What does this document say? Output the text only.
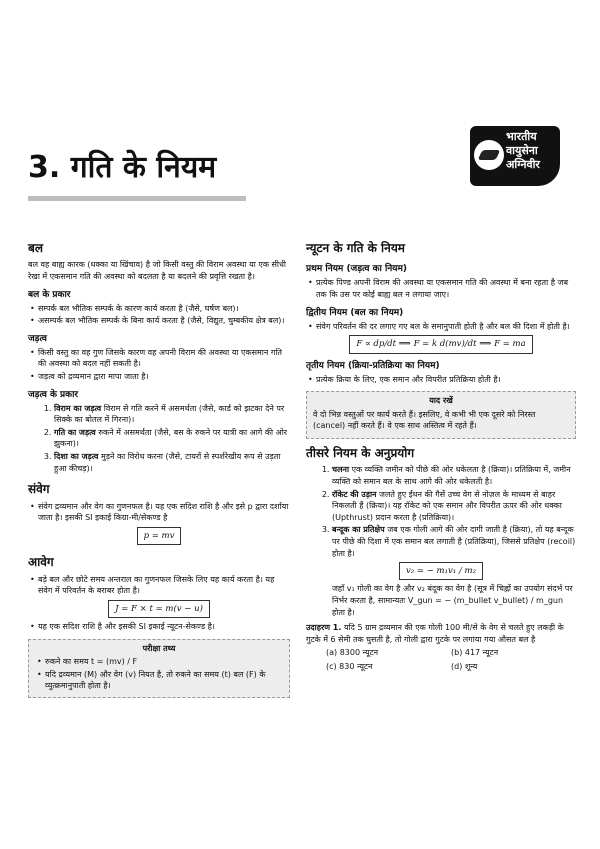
3. गति के नियम
भारतीय
वायुसेना
अग्निवीर
बल

बल वह बाह्य कारक (धक्का या खिंचाव) है जो किसी वस्तु की विराम अवस्था या एक सीधी रेखा में एकसमान गति की अवस्था को बदलता है या बदलने की प्रवृत्ति रखता है।

बल के प्रकार
• सम्पर्क बल भौतिक सम्पर्क के कारण कार्य करता है (जैसे, घर्षण बल)।
• असम्पर्क बल भौतिक सम्पर्क के बिना कार्य करता है (जैसे, विद्युत, चुम्बकीय क्षेत्र बल)।
जड़त्व
• किसी वस्तु का वह गुण जिसके कारण वह अपनी विराम की अवस्था या एकसमान गति की अवस्था को बदल नहीं सकती है।
• जड़त्व को द्रव्यमान द्वारा मापा जाता है।
जड़त्व के प्रकार
1. विराम का जड़त्व विराम से गति करने में असमर्थता (जैसे, कार्ड को झटका देने पर सिक्के का बोतल में गिरना)।
2. गति का जड़त्व रुकने में असमर्थता (जैसे, बस के रुकने पर यात्री का आगे की ओर झुकना)।
3. दिशा का जड़त्व मुड़ने का विरोध करना (जैसे, टायरों से स्पर्शरेखीय रूप से उड़ता हुआ कीचड़)।
संवेग
• संवेग द्रव्यमान और वेग का गुणनफल है। यह एक सदिश राशि है और इसे p द्वारा दर्शाया जाता है। इसकी SI इकाई किग्रा-मी/सेकण्ड है
p = mv
आवेग
• बड़े बल और छोटे समय अन्तराल का गुणनफल जिसके लिए यह कार्य करता है। यह संवेग में परिवर्तन के बराबर होता है।
J = F × t = m(v − u)
• यह एक सदिश राशि है और इसकी SI इकाई न्यूटन-सेकण्ड है।
परीक्षा तथ्य
• रुकने का समय t = (mv) / F
• यदि द्रव्यमान (M) और वेग (v) नियत है, तो रुकने का समय (t) बल (F) के व्युत्क्रमानुपाती होता है।
न्यूटन के गति के नियम
प्रथम नियम (जड़त्व का नियम)
• प्रत्येक पिण्ड अपनी विराम की अवस्था या एकसमान गति की अवस्था में बना रहता है जब तक कि उस पर कोई बाह्य बल न लगाया जाए।
द्वितीय नियम (बल का नियम)
• संवेग परिवर्तन की दर लगाए गए बल के समानुपाती होती है और बल की दिशा में होती है।
F ∝ dp/dt ⟹ F = k d(mv)/dt ⟹ F = ma
तृतीय नियम (क्रिया-प्रतिक्रिया का नियम)
• प्रत्येक क्रिया के लिए, एक समान और विपरीत प्रतिक्रिया होती है।
याद रखें

वे दो भिन्न वस्तुओं पर कार्य करते हैं। इसलिए, वे कभी भी एक दूसरे को निरस्त (cancel) नहीं करते हैं। वे एक साथ अस्तित्व में रहते हैं।

तीसरे नियम के अनुप्रयोग
1. चलना एक व्यक्ति जमीन को पीछे की ओर धकेलता है (क्रिया)। प्रतिक्रिया में, जमीन व्यक्ति को समान बल के साथ आगे की ओर धकेलती है।
2. रॉकेट की उड़ान जलते हुए ईंधन की गैसें उच्च वेग से नोज़ल के माध्यम से बाहर निकलती हैं (क्रिया)। यह रॉकेट को एक समान और विपरीत ऊपर की ओर धक्का (Upthrust) प्रदान करता है (प्रतिक्रिया)।
3. बन्दूक का प्रतिक्षेप जब एक गोली आगे की ओर दागी जाती है (क्रिया), तो यह बन्दूक पर पीछे की दिशा में एक समान बल लगाती है (प्रतिक्रिया), जिससे प्रतिक्षेप (recoil) होता है।
v₂ = − m₁v₁ / m₂

जहाँ v₁ गोली का वेग है और v₂ बंदूक का वेग है (सूत्र में चिह्नों का उपयोग संदर्भ पर निर्भर करता है, सामान्यतः V_gun = − (m_bullet v_bullet) / m_gun होता है।

उदाहरण 1. यदि 5 ग्राम द्रव्यमान की एक गोली 100 मी/से के वेग से चलते हुए लकड़ी के गुटके में 6 सेमी तक घुसती है, तो गोली द्वारा गुटके पर लगाया गया औसत बल है

(a) 8300 न्यूटन	(b) 417 न्यूटन
(c) 830 न्यूटन	(d) शून्य
